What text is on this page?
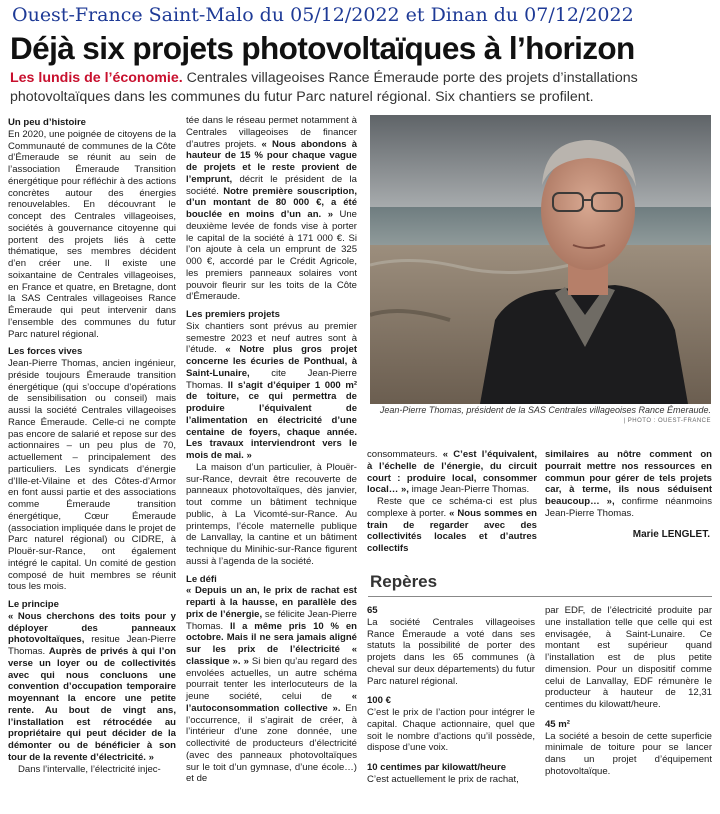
Ouest-France Saint-Malo du 05/12/2022 et Dinan du 07/12/2022
Déjà six projets photovoltaïques à l’horizon
Les lundis de l’économie. Centrales villageoises Rance Émeraude porte des projets d’installations photovoltaïques dans les communes du futur Parc naturel régional. Six chantiers se profilent.

Un peu d’histoire

En 2020, une poignée de citoyens de la Communauté de communes de la Côte d’Émeraude se réunit au sein de l’association Émeraude Transition énergétique pour réfléchir à des actions concrètes autour des énergies renouvelables. En découvrant le concept des Centrales villageoises, sociétés à gouvernance citoyenne qui portent des projets liés à cette thématique, ses membres décident d’en créer une. Il existe une soixantaine de Centrales villageoises, en France et quatre, en Bretagne, dont la SAS Centrales villageoises Rance Émeraude qui peut intervenir dans l’ensemble des communes du futur Parc naturel régional.

Les forces vives

Jean-Pierre Thomas, ancien ingénieur, préside toujours Émeraude transition énergétique (qui s’occupe d’opérations de sensibilisation ou conseil) mais aussi la société Centrales villageoises Rance Émeraude. Celle-ci ne compte pas encore de salarié et repose sur des actionnaires – un peu plus de 70, actuellement – principalement des particuliers. Les syndicats d’énergie d’Ille-et-Vilaine et des Côtes-d’Armor en font aussi partie et des associations comme Émeraude transition énergétique, Cœur Émeraude (association impliquée dans le projet de Parc naturel régional) ou CIDRE, à Plouër-sur-Rance, ont également intégré le capital. Un comité de gestion composé de huit membres se réunit tous les mois.

Le principe

« Nous cherchons des toits pour y déployer des panneaux photovoltaïques, resitue Jean-Pierre Thomas. Auprès de privés à qui l’on verse un loyer ou de collectivités avec qui nous concluons une convention d’occupation temporaire moyennant la encore une petite rente. Au bout de vingt ans, l’installation est rétrocédée au propriétaire qui peut décider de la démonter ou de bénéficier à son tour de la revente d’électricité. »

Dans l’intervalle, l’électricité injec-

tée dans le réseau permet notamment à Centrales villageoises de financer d’autres projets. « Nous abondons à hauteur de 15 % pour chaque vague de projets et le reste provient de l’emprunt, décrit le président de la société. Notre première souscription, d’un montant de 80 000 €, a été bouclée en moins d’un an. » Une deuxième levée de fonds vise à porter le capital de la société à 171 000 €. Si l’on ajoute à cela un emprunt de 325 000 €, accordé par le Crédit Agricole, les premiers panneaux solaires vont pouvoir fleurir sur les toits de la Côte d’Émeraude.

Les premiers projets

Six chantiers sont prévus au premier semestre 2023 et neuf autres sont à l’étude. « Notre plus gros projet concerne les écuries de Ponthual, à Saint-Lunaire, cite Jean-Pierre Thomas. Il s’agit d’équiper 1 000 m² de toiture, ce qui permettra de produire l’équivalent de l’alimentation en électricité d’une centaine de foyers, chaque année. Les travaux interviendront vers le mois de mai. »

La maison d’un particulier, à Plouër-sur-Rance, devrait être recouverte de panneaux photovoltaïques, dès janvier, tout comme un bâtiment technique public, à La Vicomté-sur-Rance. Au printemps, l’école maternelle publique de Lanvallay, la cantine et un bâtiment technique du Minihic-sur-Rance figurent aussi à l’agenda de la société.

Le défi

« Depuis un an, le prix de rachat est reparti à la hausse, en parallèle des prix de l’énergie, se félicite Jean-Pierre Thomas. Il a même pris 10 % en octobre. Mais il ne sera jamais aligné sur les prix de l’électricité « classique ». » Si bien qu’au regard des envolées actuelles, un autre schéma pourrait tenter les interlocuteurs de la jeune société, celui de « l’autoconsommation collective ». En l’occurrence, il s’agirait de créer, à l’intérieur d’une zone donnée, une collectivité de producteurs d’électricité (avec des panneaux photovoltaïques sur le toit d’un gymnase, d’une école…) et de

Jean-Pierre Thomas, président de la SAS Centrales villageoises Rance Émeraude.
| PHOTO : OUEST-FRANCE

consommateurs. « C’est l’équivalent, à l’échelle de l’énergie, du circuit court : produire local, consommer local… », image Jean-Pierre Thomas.

Reste que ce schéma-ci est plus complexe à porter. « Nous sommes en train de regarder avec des collectivités locales et d’autres collectifs

similaires au nôtre comment on pourrait mettre nos ressources en commun pour gérer de tels projets car, à terme, ils nous séduisent beaucoup… », confirme néanmoins Jean-Pierre Thomas.

Marie LENGLET.
Repères

65

La société Centrales villageoises Rance Émeraude a voté dans ses statuts la possibilité de porter des projets dans les 65 communes (à cheval sur deux départements) du futur Parc naturel régional.

100 €

C’est le prix de l’action pour intégrer le capital. Chaque actionnaire, quel que soit le nombre d’actions qu’il possède, dispose d’une voix.

10 centimes par kilowatt/heure

C’est actuellement le prix de rachat,

par EDF, de l’électricité produite par une installation telle que celle qui est envisagée, à Saint-Lunaire. Ce montant est supérieur quand l’installation est de plus petite dimension. Pour un dispositif comme celui de Lanvallay, EDF rémunère le producteur à hauteur de 12,31 centimes du kilowatt/heure.

45 m²

La société a besoin de cette superficie minimale de toiture pour se lancer dans un projet d’équipement photovoltaïque.
